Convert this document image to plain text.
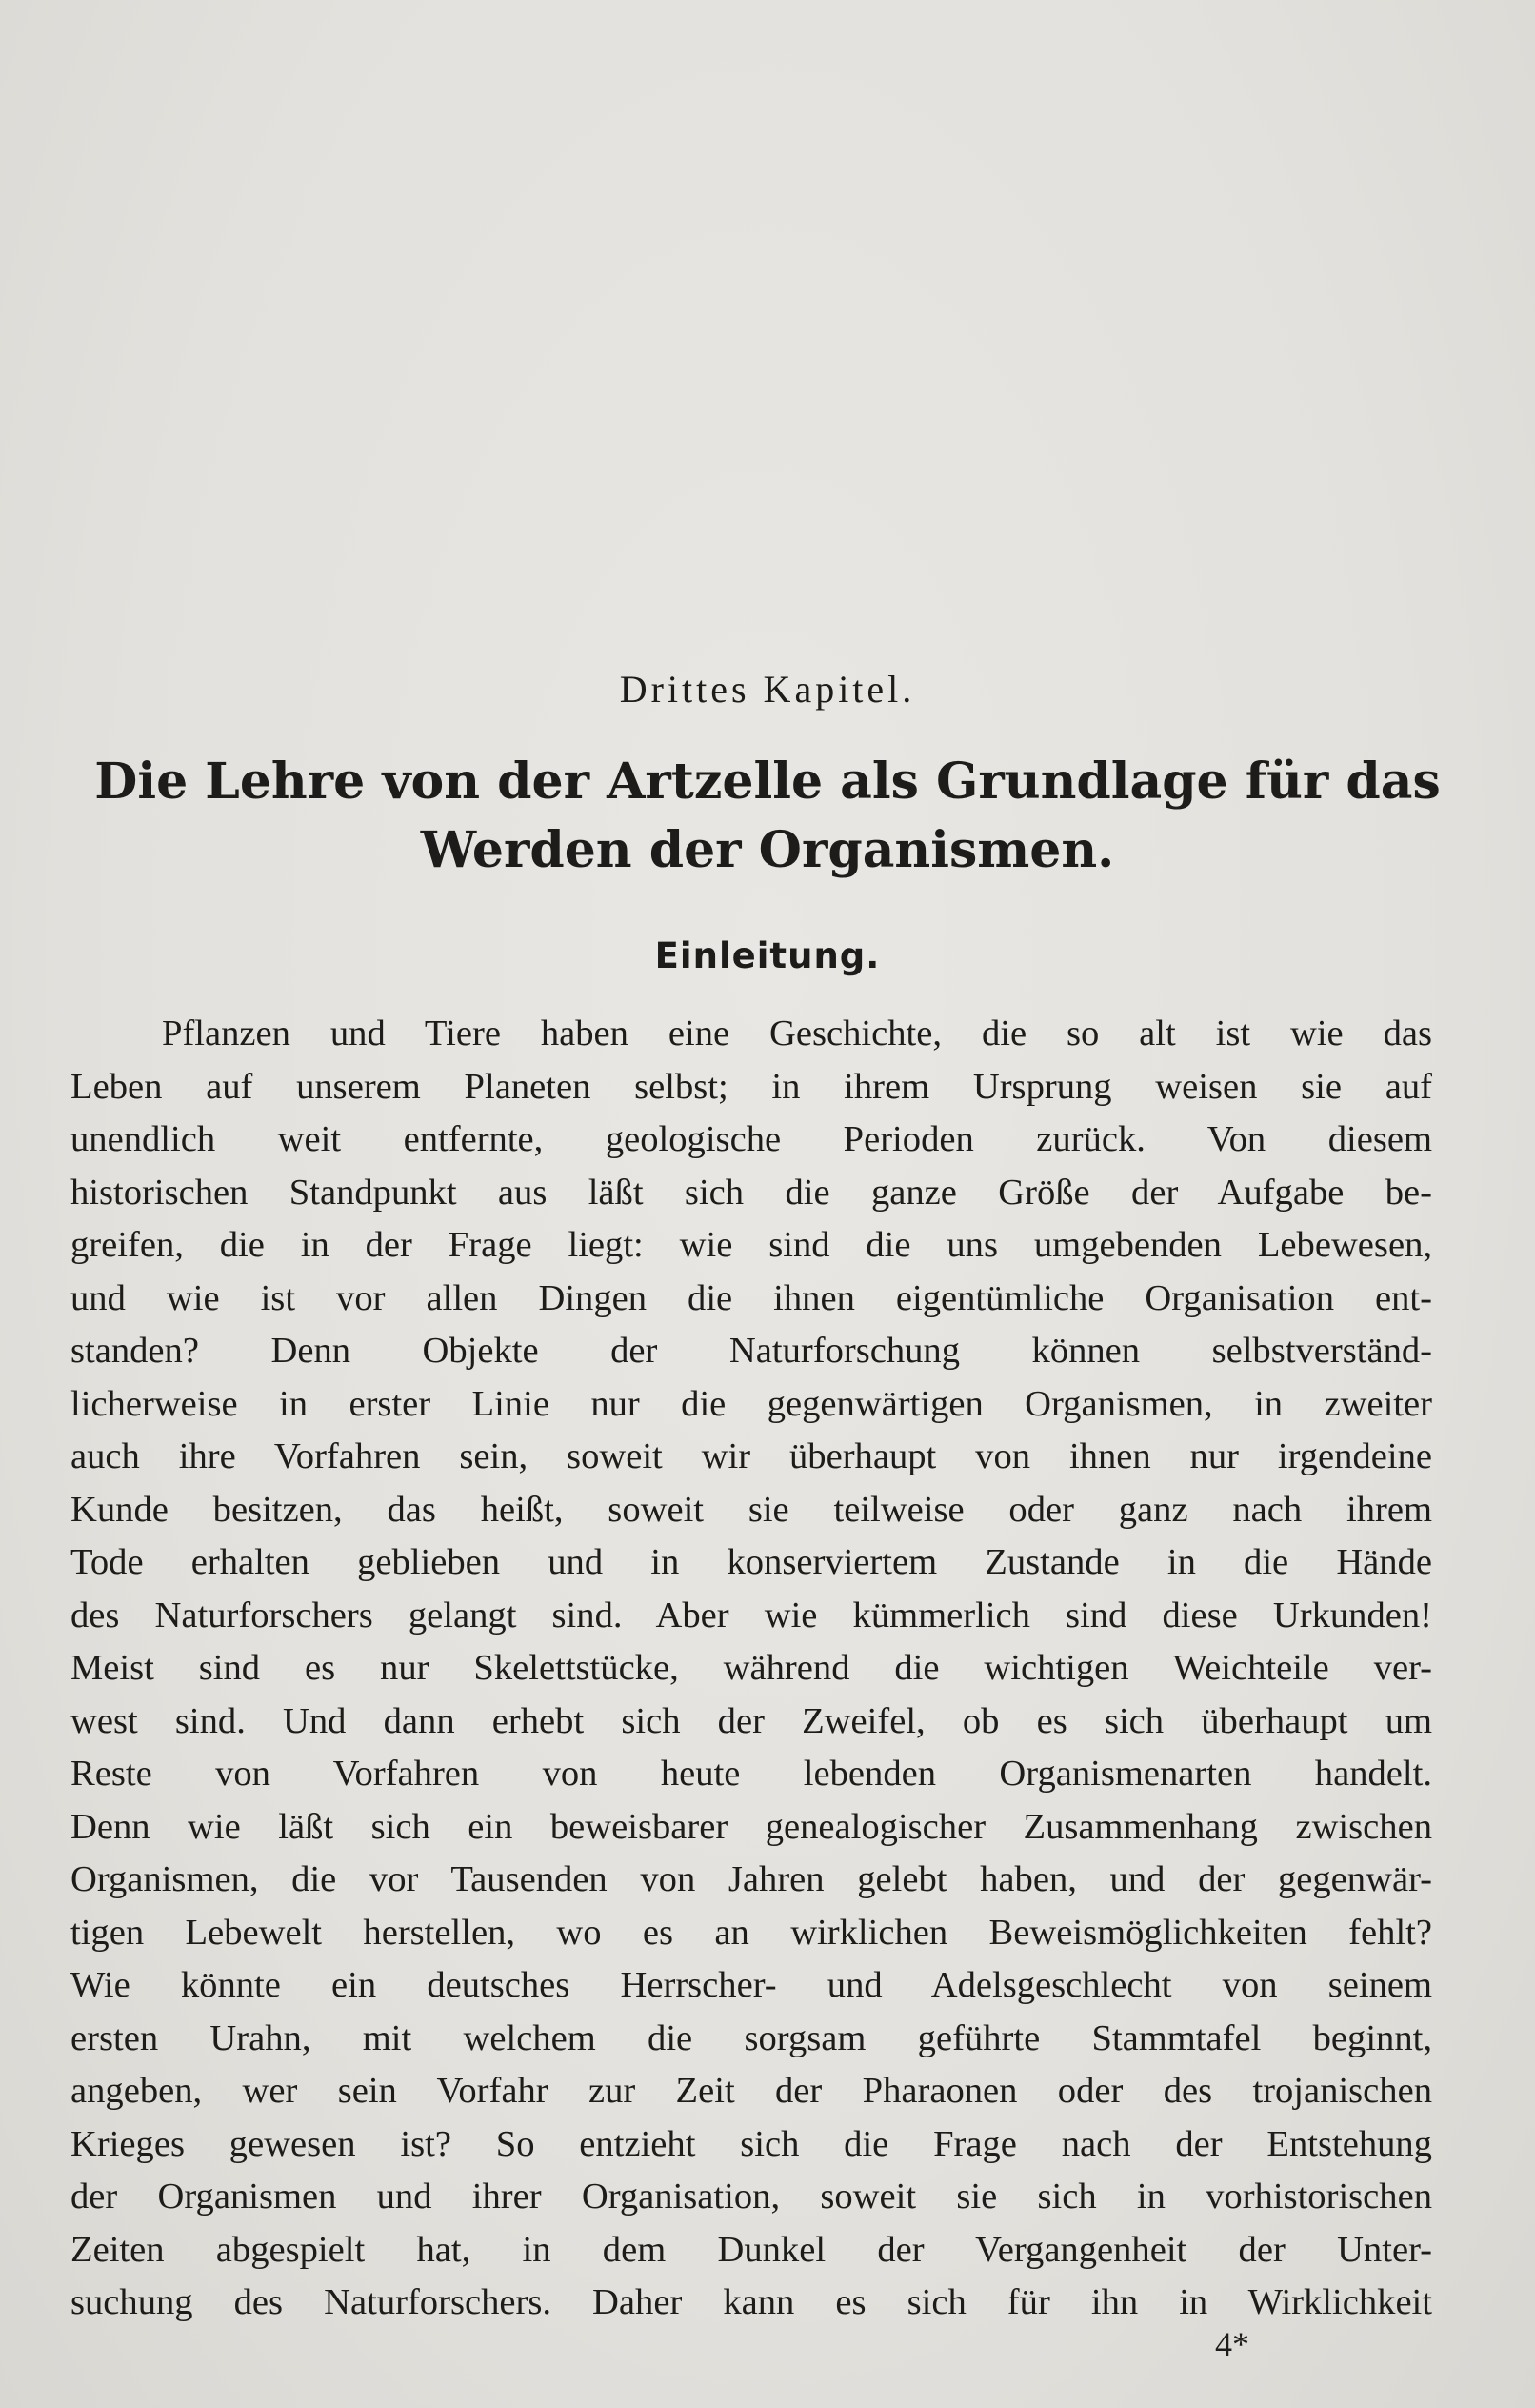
Drittes Kapitel.
Die Lehre von der Artzelle als Grundlage für das
Werden der Organismen.
Einleitung.
Pflanzen und Tiere haben eine Geschichte, die so alt ist wie das
Leben auf unserem Planeten selbst; in ihrem Ursprung weisen sie auf
unendlich weit entfernte, geologische Perioden zurück. Von diesem
historischen Standpunkt aus läßt sich die ganze Größe der Aufgabe be-
greifen, die in der Frage liegt: wie sind die uns umgebenden Lebewesen,
und wie ist vor allen Dingen die ihnen eigentümliche Organisation ent-
standen? Denn Objekte der Naturforschung können selbstverständ-
licherweise in erster Linie nur die gegenwärtigen Organismen, in zweiter
auch ihre Vorfahren sein, soweit wir überhaupt von ihnen nur irgendeine
Kunde besitzen, das heißt, soweit sie teilweise oder ganz nach ihrem
Tode erhalten geblieben und in konserviertem Zustande in die Hände
des Naturforschers gelangt sind. Aber wie kümmerlich sind diese Urkunden!
Meist sind es nur Skelettstücke, während die wichtigen Weichteile ver-
west sind. Und dann erhebt sich der Zweifel, ob es sich überhaupt um
Reste von Vorfahren von heute lebenden Organismenarten handelt.
Denn wie läßt sich ein beweisbarer genealogischer Zusammenhang zwischen
Organismen, die vor Tausenden von Jahren gelebt haben, und der gegenwär-
tigen Lebewelt herstellen, wo es an wirklichen Beweismöglichkeiten fehlt?
Wie könnte ein deutsches Herrscher- und Adelsgeschlecht von seinem
ersten Urahn, mit welchem die sorgsam geführte Stammtafel beginnt,
angeben, wer sein Vorfahr zur Zeit der Pharaonen oder des trojanischen
Krieges gewesen ist? So entzieht sich die Frage nach der Entstehung
der Organismen und ihrer Organisation, soweit sie sich in vorhistorischen
Zeiten abgespielt hat, in dem Dunkel der Vergangenheit der Unter-
suchung des Naturforschers. Daher kann es sich für ihn in Wirklichkeit
4*
